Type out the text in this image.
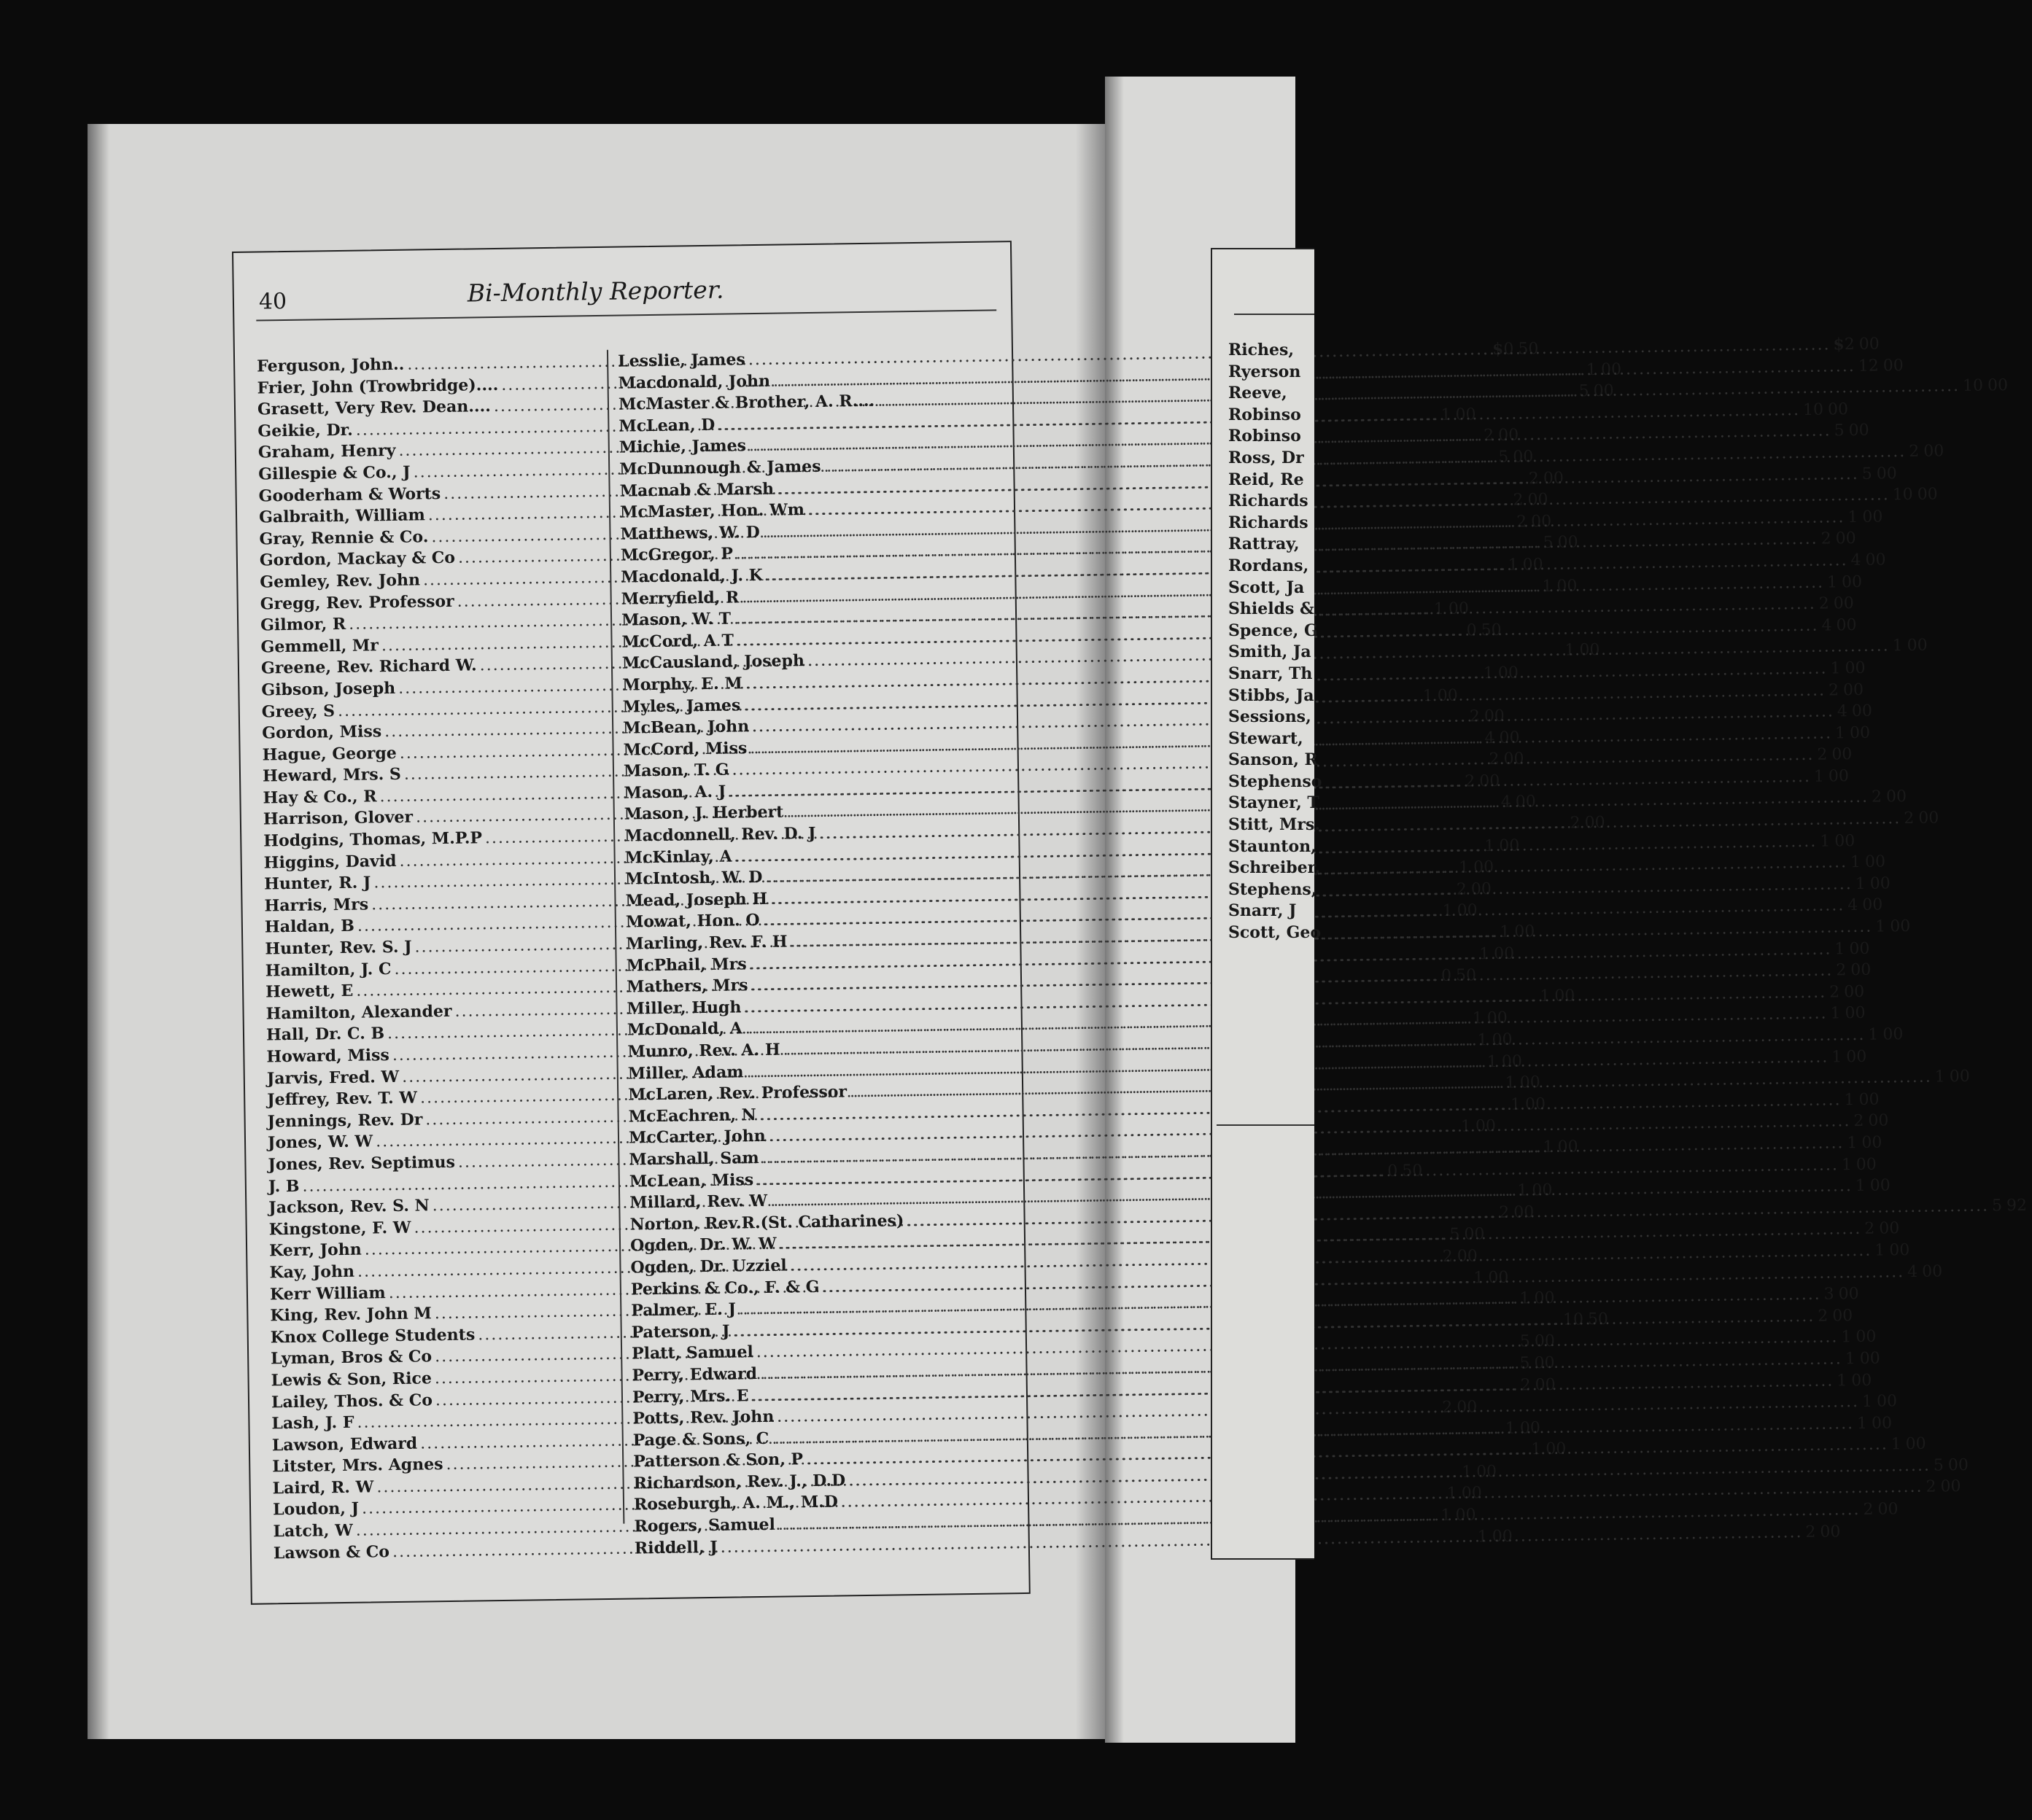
40	Bi-Monthly Reporter.
Ferguson, John..
.....
$ 0 50
Frier, John (Trowbridge)....
.....
1 00
Grasett, Very Rev. Dean....
.....
5 00
Geikie, Dr.
.....
1 00
Graham, Henry
.....
2 00
Gillespie & Co., J
.....
5 00
Gooderham & Worts
.....
2 00
Galbraith, William
.....
2 00
Gray, Rennie & Co.
.....
2 00
Gordon, Mackay & Co
.....
5 00
Gemley, Rev. John
.....
1 00
Gregg, Rev. Professor
.....
1 00
Gilmor, R
.....
1 00
Gemmell, Mr
.....
0 50
Greene, Rev. Richard W.
.....
1 00
Gibson, Joseph
.....
1 00
Greey, S
.....
1 00
Gordon, Miss
.....
2 00
Hague, George
.....
4 00
Heward, Mrs. S
.....
2 00
Hay & Co., R
.....
2 00
Harrison, Glover
.....
4 00
Hodgins, Thomas, M.P.P
.....
2 00
Higgins, David
.....
1 00
Hunter, R. J
.....
1 00
Harris, Mrs
.....
2 00
Haldan, B
.....
1 00
Hunter, Rev. S. J
.....
1 00
Hamilton, J. C
.....
1 00
Hewett, E
.....
0 50
Hamilton, Alexander
.....
1 00
Hall, Dr. C. B
.....
1 00
Howard, Miss
.....
1 00
Jarvis, Fred. W
.....
1 00
Jeffrey, Rev. T. W
.....
1 00
Jennings, Rev. Dr
.....
1 00
Jones, W. W
.....
1 00
Jones, Rev. Septimus
.....
1 00
J. B
.....
0 50
Jackson, Rev. S. N
.....
1 00
Kingstone, F. W
.....
2 00
Kerr, John
.....
5 00
Kay, John
.....
2 00
Kerr William
.....
1 00
King, Rev. John M
.....
1 00
Knox College Students
.....
10 50
Lyman, Bros & Co
.....
5 00
Lewis & Son, Rice
.....
5 00
Lailey, Thos. & Co
.....
2 00
Lash, J. F
.....
2 00
Lawson, Edward
.....
1 00
Litster, Mrs. Agnes
.....
1 00
Laird, R. W
.....
1 00
Loudon, J
.....
1 00
Latch, W
.....
1 00
Lawson & Co
.....
1 00
Lesslie, James
.....
$ 2 00
Macdonald, John
.....
12 00
McMaster & Brother, A. R....
.....
10 00
McLean, D
.....
10 00
Michie, James
.....
5 00
McDunnough & James
.....
2 00
Macnab & Marsh
.....
5 00
McMaster, Hon. Wm
.....
10 00
Matthews, W. D
.....
1 00
McGregor, P
.....
2 00
Macdonald, J. K
.....
4 00
Merryfield, R
.....
1 00
Mason, W. T
.....
2 00
McCord, A T
.....
4 00
McCausland, Joseph
.....
1 00
Morphy, E. M
.....
1 00
Myles, James
.....
2 00
McBean, John
.....
4 00
McCord, Miss
.....
1 00
Mason, T. G
.....
2 00
Mason, A. J
.....
1 00
Mason, J. Herbert
.....
2 00
Macdonnell, Rev. D. J
.....
2 00
McKinlay, A
.....
1 00
McIntosh, W. D
.....
1 00
Mead, Joseph H
.....
1 00
Mowat, Hon. O
.....
4 00
Marling, Rev. F. H
.....
1 00
McPhail, Mrs
.....
1 00
Mathers, Mrs
.....
2 00
Miller, Hugh
.....
2 00
McDonald, A
.....
1 00
Munro, Rev. A. H
.....
1 00
Miller, Adam
.....
1 00
McLaren, Rev. Professor
.....
1 00
McEachren, N
.....
1 00
McCarter, John
.....
2 00
Marshall, Sam
.....
1 00
McLean, Miss
.....
1 00
Millard, Rev. W
.....
1 00
Norton, Rev.R.(St. Catharines)
.....
5 92
Ogden, Dr. W. W
.....
2 00
Ogden, Dr. Uzziel
.....
1 00
Perkins & Co., F. & G
.....
4 00
Palmer, E. J
.....
3 00
Paterson, J
.....
2 00
Platt, Samuel
.....
1 00
Perry, Edward
.....
1 00
Perry, Mrs. E
.....
1 00
Potts, Rev. John
.....
1 00
Page & Sons, C
.....
1 00
Patterson & Son, P
.....
1 00
Richardson, Rev. J., D.D
.....
5 00
Roseburgh, A. M., M.D
.....
2 00
Rogers, Samuel
.....
2 00
Riddell, J
.....
2 00
Riches,
Ryerson
Reeve,
Robinso
Robinso
Ross, Dr
Reid, Re
Richards
Richards
Rattray,
Rordans,
Scott, Ja
Shields &
Spence, G
Smith, Ja
Snarr, Th
Stibbs, Ja
Sessions,
Stewart,
Sanson, R
Stephenso
Stayner, T
Stitt, Mrs.
Staunton,
Schreiber,
Stephens,
Snarr, J
Scott, Geo
